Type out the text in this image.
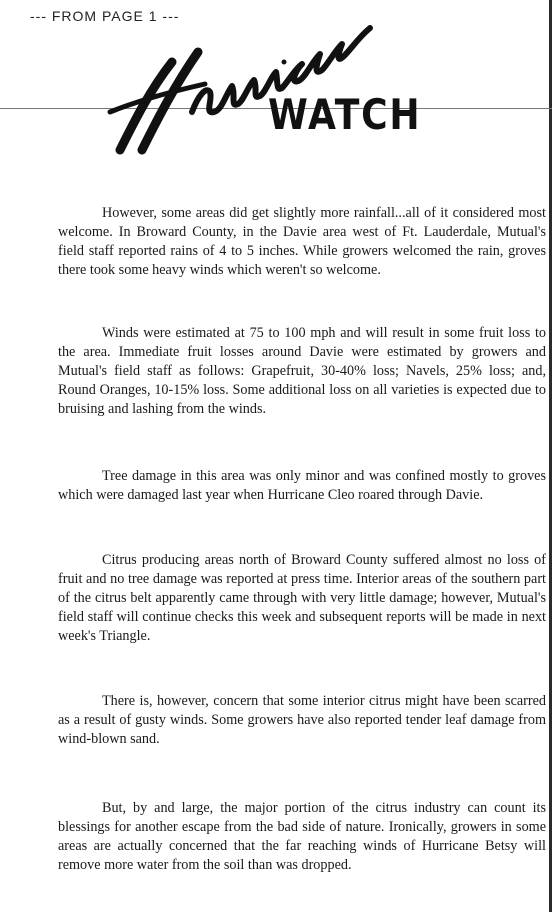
--- FROM PAGE 1 ---
WATCH

However, some areas did get slightly more rainfall...all of it considered most welcome. In Broward County, in the Davie area west of Ft. Lauderdale, Mutual's field staff reported rains of 4 to 5 inches. While growers welcomed the rain, groves there took some heavy winds which weren't so welcome.

Winds were estimated at 75 to 100 mph and will result in some fruit loss to the area. Immediate fruit losses around Davie were estimated by growers and Mutual's field staff as follows: Grapefruit, 30-40% loss; Navels, 25% loss; and, Round Oranges, 10-15% loss. Some additional loss on all varieties is expected due to bruising and lashing from the winds.

Tree damage in this area was only minor and was confined mostly to groves which were damaged last year when Hurricane Cleo roared through Davie.

Citrus producing areas north of Broward County suffered almost no loss of fruit and no tree damage was reported at press time. Interior areas of the southern part of the citrus belt apparently came through with very little damage; however, Mutual's field staff will continue checks this week and subsequent reports will be made in next week's Triangle.

There is, however, concern that some interior citrus might have been scarred as a result of gusty winds. Some growers have also reported tender leaf damage from wind-blown sand.

But, by and large, the major portion of the citrus industry can count its blessings for another escape from the bad side of nature. Ironically, growers in some areas are actually concerned that the far reaching winds of Hurricane Betsy will remove more water from the soil than was dropped.
